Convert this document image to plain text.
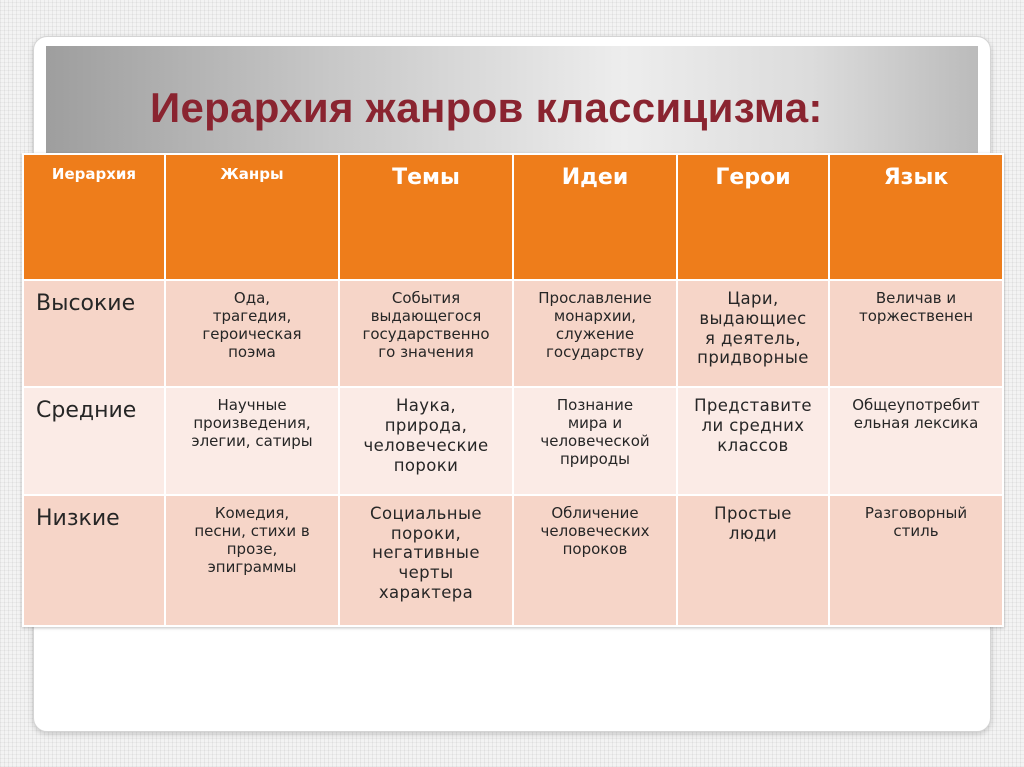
Иерархия жанров классицизма:
Иерархия	Жанры	Темы	Идеи	Герои	Язык
Высокие	Ода,
трагедия,
героическая
поэма	События
выдающегося
государственно
го значения	Прославление
монархии,
служение
государству	Цари,
выдающиес
я деятель,
придворные	Величав и
торжественен

Средние	Научные
произведения,
элегии, сатиры	Наука,
природа,
человеческие
пороки	Познание
мира и
человеческой
природы	Представите
ли средних
классов	Общеупотребит
ельная лексика

Низкие	Комедия,
песни, стихи в
прозе,
эпиграммы	Социальные
пороки,
негативные
черты
характера	Обличение
человеческих
пороков	Простые
люди	Разговорный
стиль
